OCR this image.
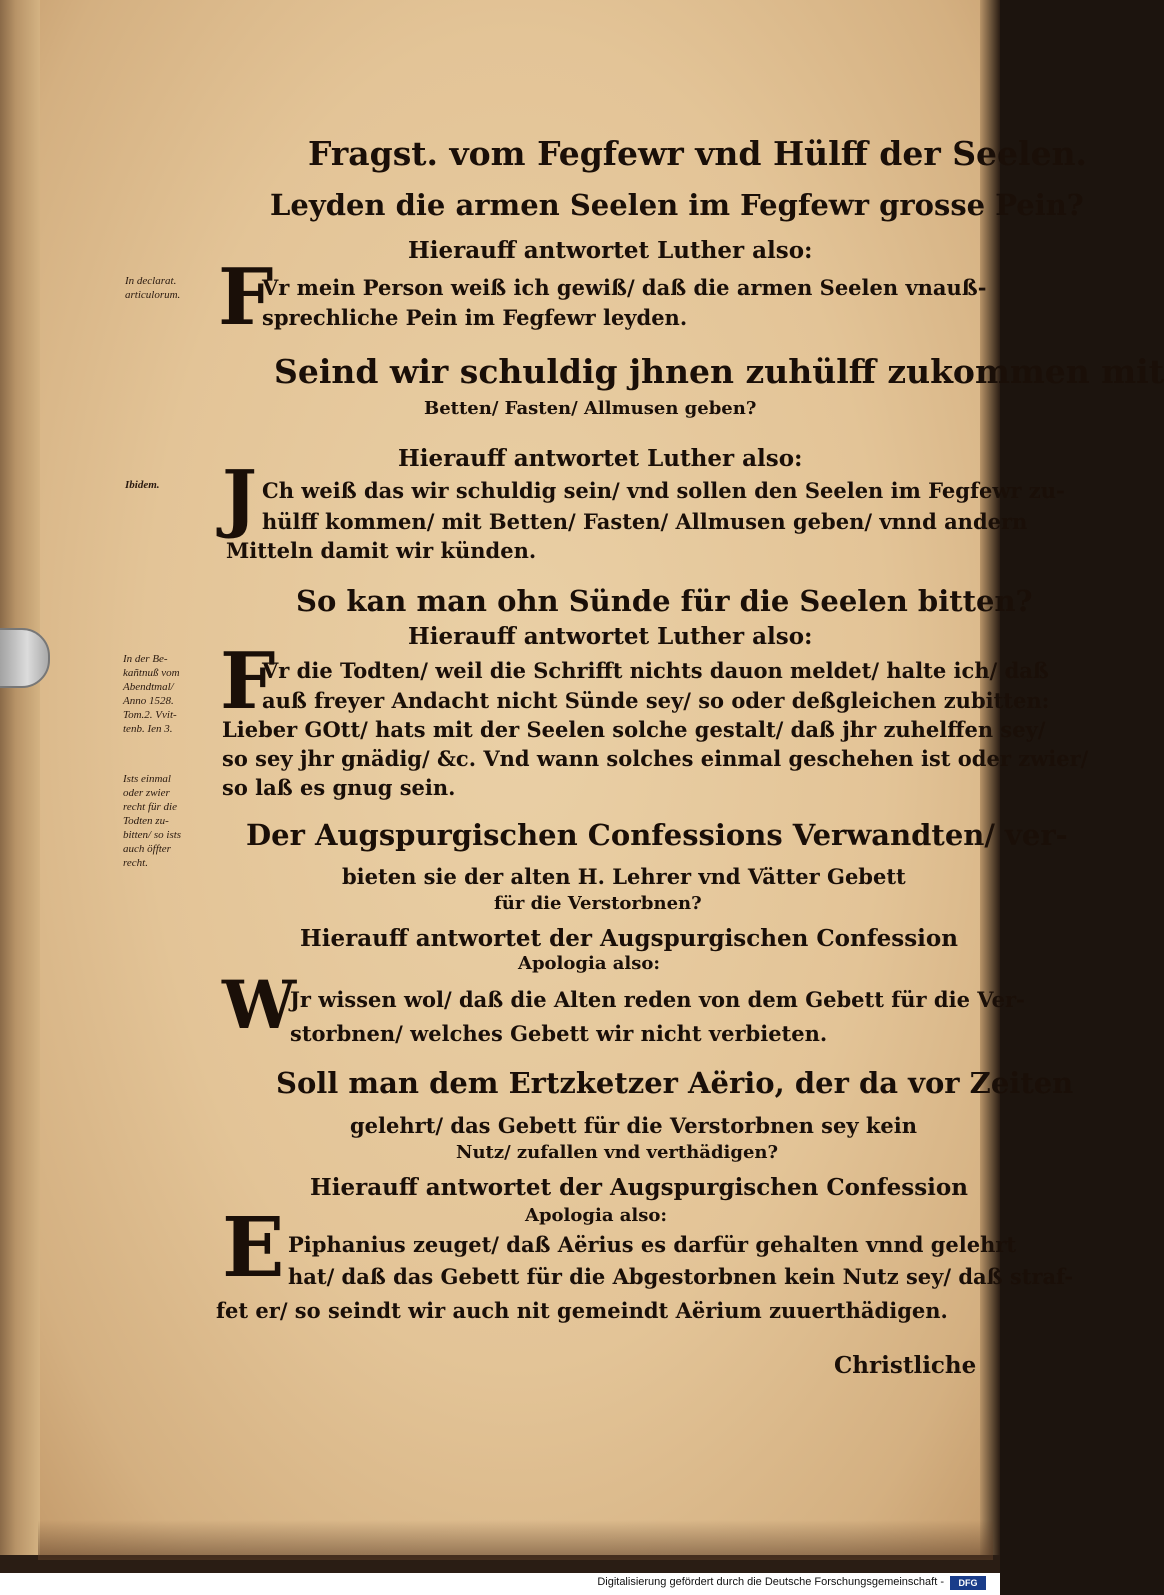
Fragst. vom Fegfewr vnd Hülff der Seelen.
Leyden die armen Seelen im Fegfewr grosse Pein?
Hierauff antwortet Luther also:
In declarat.
articulorum. F
Vr mein Person weiß ich gewiß/ daß die armen Seelen vnauß-
sprechliche Pein im Fegfewr leyden.
Seind wir schuldig jhnen zuhülff zukommen mit
Betten/ Fasten/ Allmusen geben?
Hierauff antwortet Luther also:
Ibidem. J Ch weiß das wir schuldig sein/ vnd sollen den Seelen im Fegfewr zu-
hülff kommen/ mit Betten/ Fasten/ Allmusen geben/ vnnd andern
Mitteln damit wir künden.
So kan man ohn Sünde für die Seelen bitten?
Hierauff antwortet Luther also:
In der Be-
kañtnuß vom
Abendtmal/
Anno 1528.
Tom.2. Vvit-
tenb. Ien 3.
Ists einmal
oder zwier
recht für die
Todten zu-
bitten/ so ists
auch öffter
recht.
F
Vr die Todten/ weil die Schrifft nichts dauon meldet/ halte ich/ daß
auß freyer Andacht nicht Sünde sey/ so oder deßgleichen zubitten:
Lieber GOtt/ hats mit der Seelen solche gestalt/ daß jhr zuhelffen sey/
so sey jhr gnädig/ &c. Vnd wann solches einmal geschehen ist oder zwier/
so laß es gnug sein.
Der Augspurgischen Confessions Verwandten/ ver-
bieten sie der alten H. Lehrer vnd Vätter Gebett
für die Verstorbnen?
Hierauff antwortet der Augspurgischen Confession
Apologia also:
W
Jr wissen wol/ daß die Alten reden von dem Gebett für die Ver-
storbnen/ welches Gebett wir nicht verbieten.
Soll man dem Ertzketzer Aërio, der da vor Zeiten
gelehrt/ das Gebett für die Verstorbnen sey kein
Nutz/ zufallen vnd verthädigen?
Hierauff antwortet der Augspurgischen Confession
Apologia also:
E Piphanius zeuget/ daß Aërius es darfür gehalten vnnd gelehrt
hat/ daß das Gebett für die Abgestorbnen kein Nutz sey/ daß straf-
fet er/ so seindt wir auch nit gemeindt Aërium zuuerthädigen.
Christliche
Digitalisierung gefördert durch die Deutsche Forschungsgemeinschaft -	DFG
